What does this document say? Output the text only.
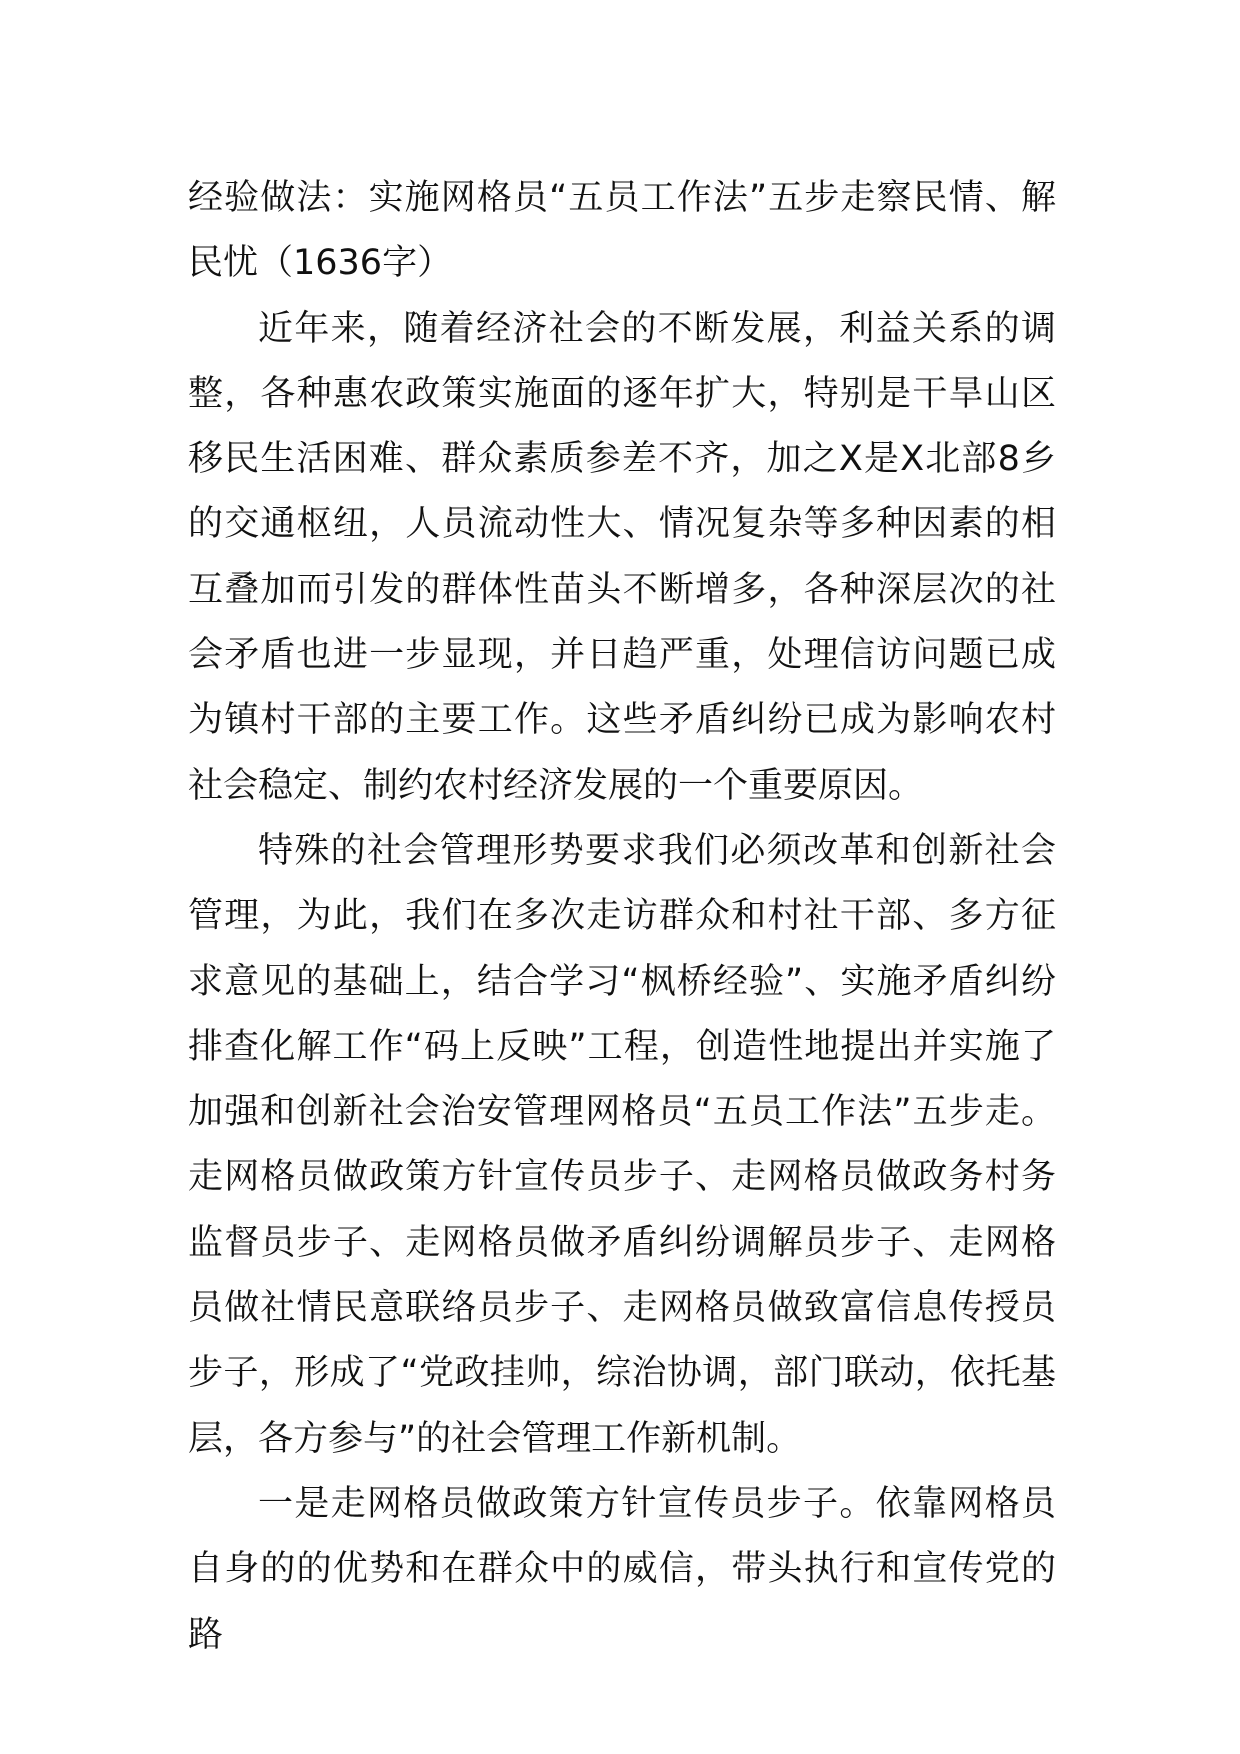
经验做法：实施网格员“五员工作法”五步走察民情、解民忧（1636字）

近年来，随着经济社会的不断发展，利益关系的调整，各种惠农政策实施面的逐年扩大，特别是干旱山区移民生活困难、群众素质参差不齐，加之X是X北部8乡的交通枢纽，人员流动性大、情况复杂等多种因素的相互叠加而引发的群体性苗头不断增多，各种深层次的社会矛盾也进一步显现，并日趋严重，处理信访问题已成为镇村干部的主要工作。这些矛盾纠纷已成为影响农村社会稳定、制约农村经济发展的一个重要原因。

特殊的社会管理形势要求我们必须改革和创新社会管理，为此，我们在多次走访群众和村社干部、多方征求意见的基础上，结合学习“枫桥经验”、实施矛盾纠纷排查化解工作“码上反映”工程，创造性地提出并实施了加强和创新社会治安管理网格员“五员工作法”五步走。走网格员做政策方针宣传员步子、走网格员做政务村务监督员步子、走网格员做矛盾纠纷调解员步子、走网格员做社情民意联络员步子、走网格员做致富信息传授员步子，形成了“党政挂帅，综治协调，部门联动，依托基层，各方参与”的社会管理工作新机制。

一是走网格员做政策方针宣传员步子。依靠网格员自身的的优势和在群众中的威信，带头执行和宣传党的路
